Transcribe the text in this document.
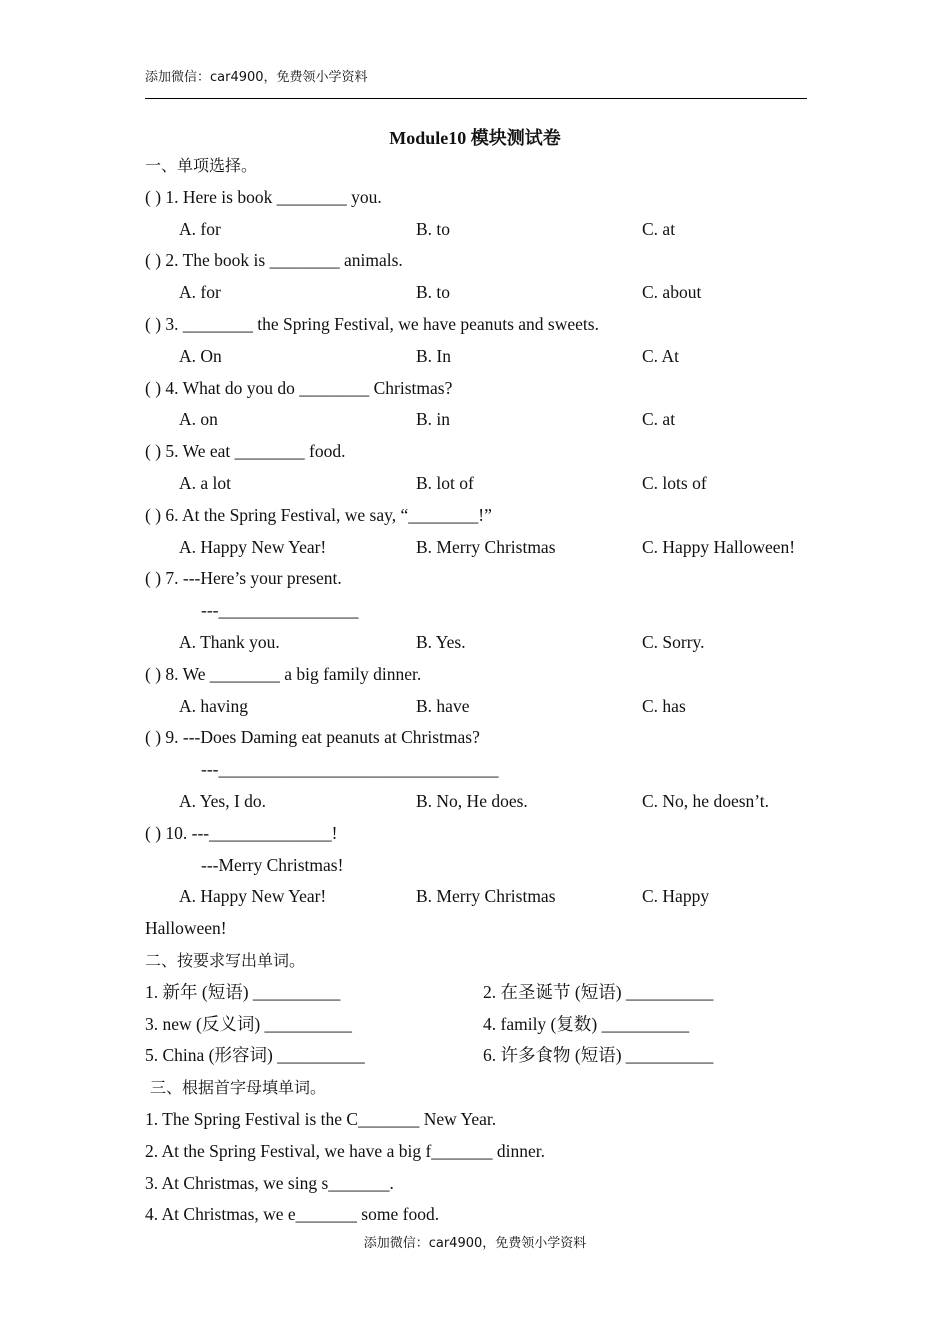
添加微信：car4900，免费领小学资料
Module10 模块测试卷
一、单项选择。
( ) 1. Here is book ________ you.
A. for	B. to	C. at
( ) 2. The book is ________ animals.
A. for	B. to	C. about
( ) 3. ________ the Spring Festival, we have peanuts and sweets.
A. On	B. In	C. At
( ) 4. What do you do ________ Christmas?
A. on	B. in	C. at
( ) 5. We eat ________ food.
A. a lot	B. lot of	C. lots of
( ) 6. At the Spring Festival, we say, “________!”
A. Happy New Year!	B. Merry Christmas	C. Happy Halloween!
( ) 7. ---Here’s your present.
---________________
A. Thank you.	B. Yes.	C. Sorry.
( ) 8. We ________ a big family dinner.
A. having	B. have	C. has
( ) 9. ---Does Daming eat peanuts at Christmas?
---________________________________
A. Yes, I do.	B. No, He does.	C. No, he doesn’t.
( ) 10. ---______________!
---Merry Christmas!
A. Happy New Year!	B. Merry Christmas	C. Happy
Halloween!
二、按要求写出单词。
1. 新年 (短语) __________	2. 在圣诞节 (短语) __________
3. new (反义词) __________	4. family (复数) __________
5. China (形容词) __________	6. 许多食物 (短语) __________
三、根据首字母填单词。
1. The Spring Festival is the C_______ New Year.
2. At the Spring Festival, we have a big f_______ dinner.
3. At Christmas, we sing s_______.
4. At Christmas, we e_______ some food.
添加微信：car4900，免费领小学资料
